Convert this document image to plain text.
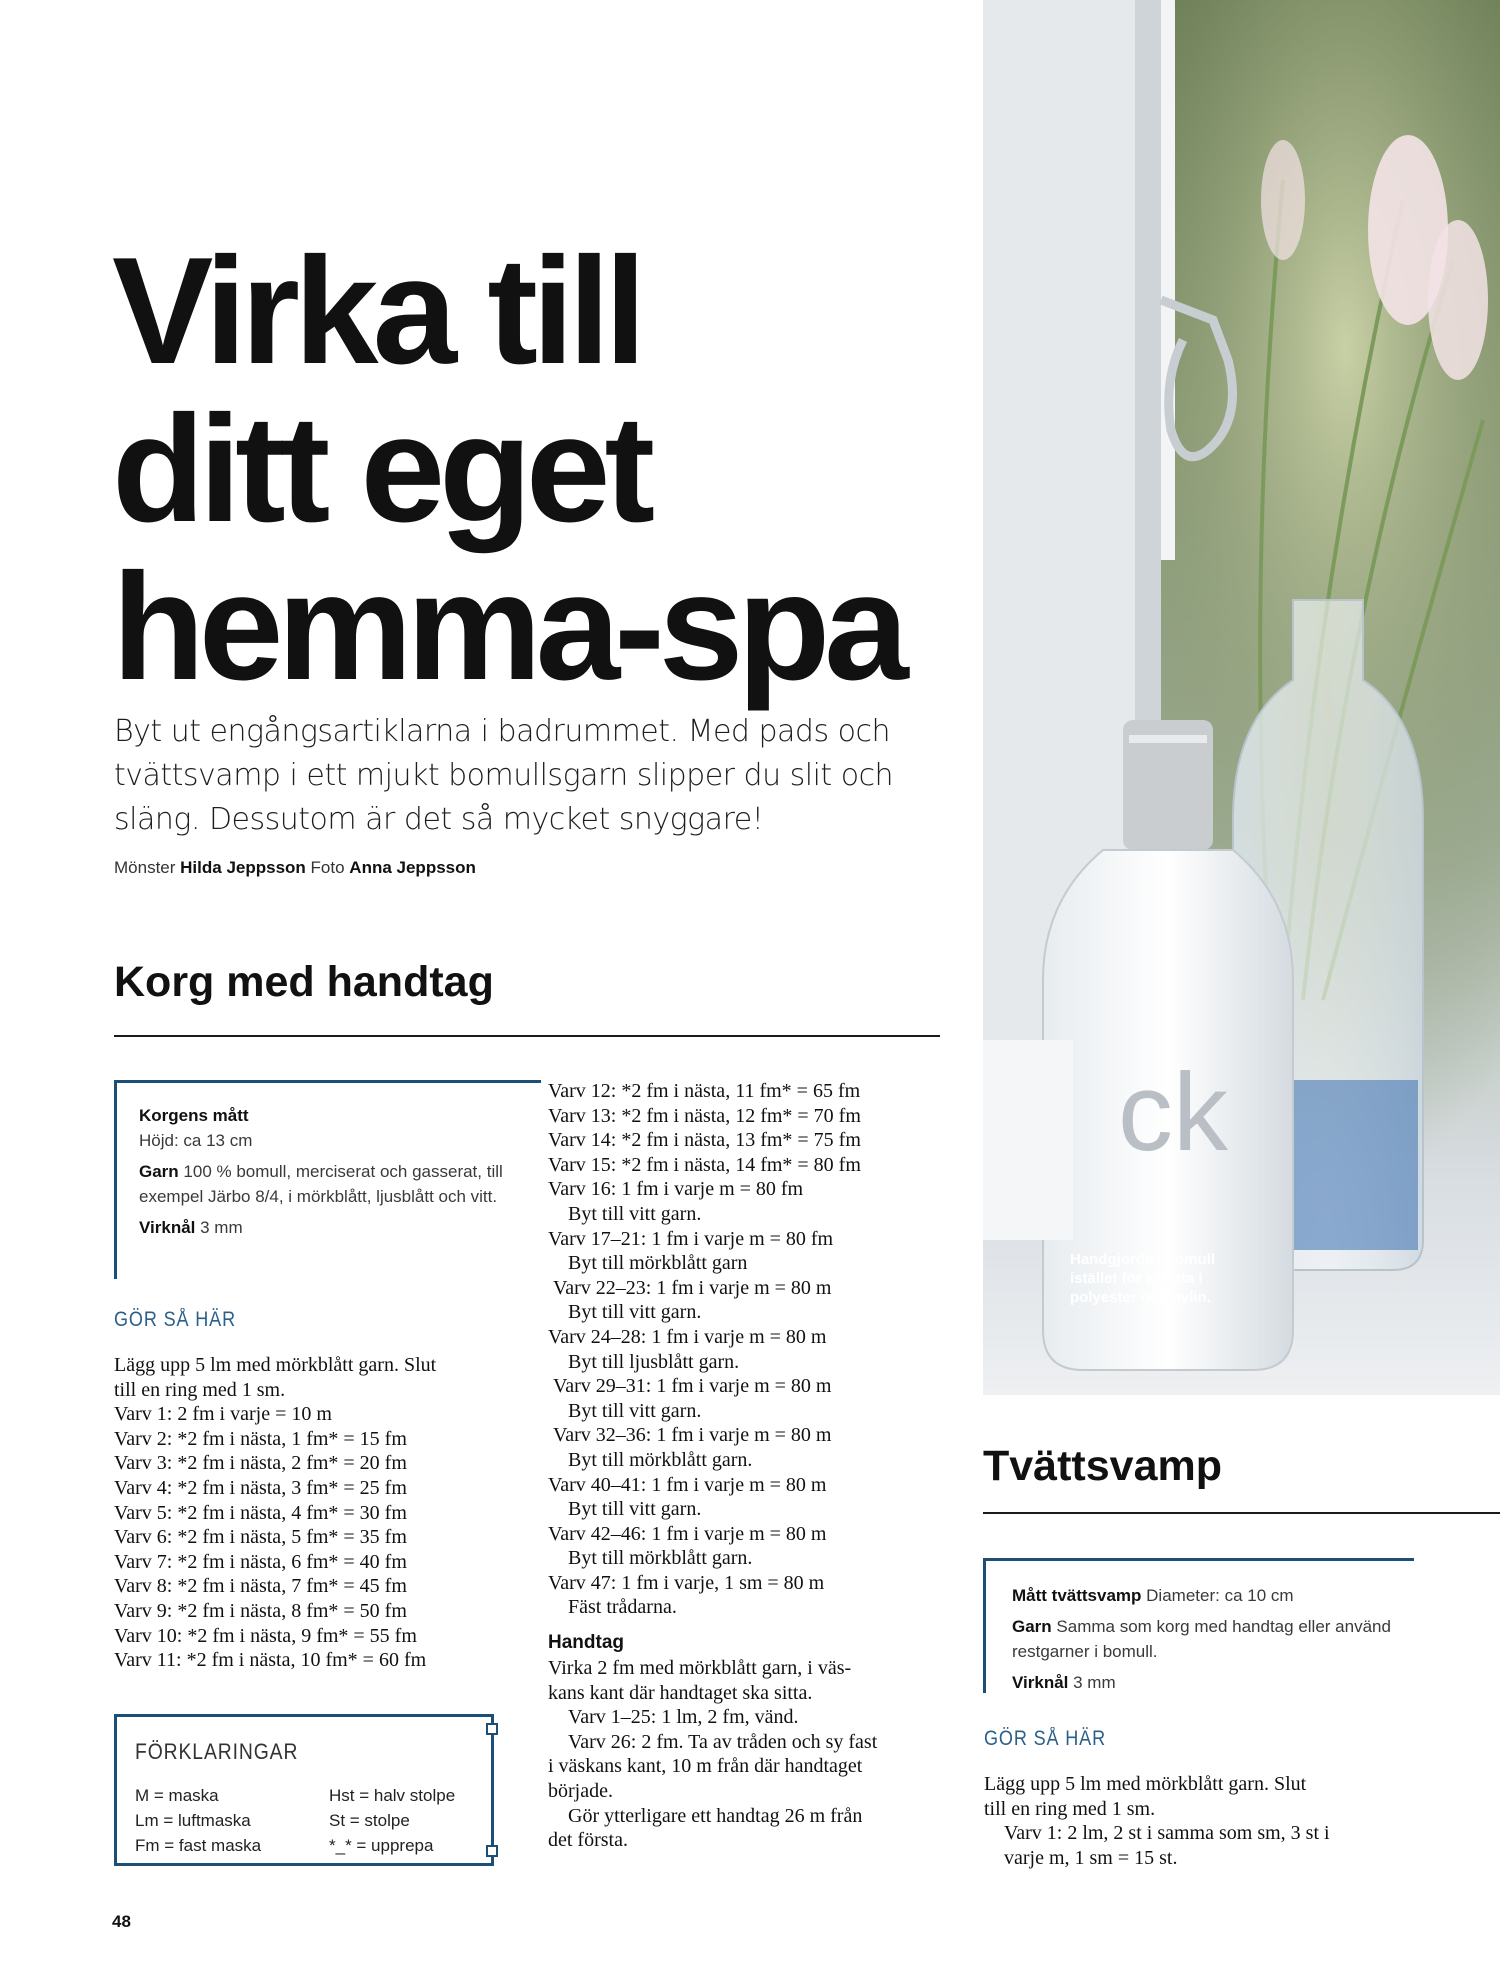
Virka till
ditt eget
hemma-spa
Byt ut engångsartiklarna i badrummet. Med pads och tvättsvamp i ett mjukt bomullsgarn slipper du slit och släng. Dessutom är det så mycket snyggare!
Mönster Hilda Jeppsson Foto Anna Jeppsson
Korg med handtag

Korgens mått
Höjd: ca 13 cm

Garn 100 % bomull, merciserat och gasserat, till exempel Järbo 8/4, i mörkblått, ljusblått och vitt.

Virknål 3 mm

GÖR SÅ HÄR
Lägg upp 5 lm med mörkblått garn. Slut
till en ring med 1 sm.
Varv 1: 2 fm i varje = 10 m
Varv 2: *2 fm i nästa, 1 fm* = 15 fm
Varv 3: *2 fm i nästa, 2 fm* = 20 fm
Varv 4: *2 fm i nästa, 3 fm* = 25 fm
Varv 5: *2 fm i nästa, 4 fm* = 30 fm
Varv 6: *2 fm i nästa, 5 fm* = 35 fm
Varv 7: *2 fm i nästa, 6 fm* = 40 fm
Varv 8: *2 fm i nästa, 7 fm* = 45 fm
Varv 9: *2 fm i nästa, 8 fm* = 50 fm
Varv 10: *2 fm i nästa, 9 fm* = 55 fm
Varv 11: *2 fm i nästa, 10 fm* = 60 fm
Varv 12: *2 fm i nästa, 11 fm* = 65 fm
Varv 13: *2 fm i nästa, 12 fm* = 70 fm
Varv 14: *2 fm i nästa, 13 fm* = 75 fm
Varv 15: *2 fm i nästa, 14 fm* = 80 fm
Varv 16: 1 fm i varje m = 80 fm
Byt till vitt garn.
Varv 17–21: 1 fm i varje m = 80 fm
Byt till mörkblått garn
Varv 22–23: 1 fm i varje m = 80 m
Byt till vitt garn.
Varv 24–28: 1 fm i varje m = 80 m
Byt till ljusblått garn.
Varv 29–31: 1 fm i varje m = 80 m
Byt till vitt garn.
Varv 32–36: 1 fm i varje m = 80 m
Byt till mörkblått garn.
Varv 40–41: 1 fm i varje m = 80 m
Byt till vitt garn.
Varv 42–46: 1 fm i varje m = 80 m
Byt till mörkblått garn.
Varv 47: 1 fm i varje, 1 sm = 80 m
Fäst trådarna.
Handtag
Virka 2 fm med mörkblått garn, i väs-
kans kant där handtaget ska sitta.
Varv 1–25: 1 lm, 2 fm, vänd.
Varv 26: 2 fm. Ta av tråden och sy fast
i väskans kant, 10 m från där handtaget
började.
Gör ytterligare ett handtag 26 m från
det första.
FÖRKLARINGAR
M = maska
Lm = luftmaska
Fm = fast maska
Hst = halv stolpe
St = stolpe
*_* = upprepa
ck
Handgjorda i bomull istället för kköpta i polyester och nylin.
Tvättsvamp

Mått tvättsvamp Diameter: ca 10 cm

Garn Samma som korg med handtag eller använd restgarner i bomull.

Virknål 3 mm

GÖR SÅ HÄR
Lägg upp 5 lm med mörkblått garn. Slut
till en ring med 1 sm.
Varv 1: 2 lm, 2 st i samma som sm, 3 st i
varje m, 1 sm = 15 st.
48
